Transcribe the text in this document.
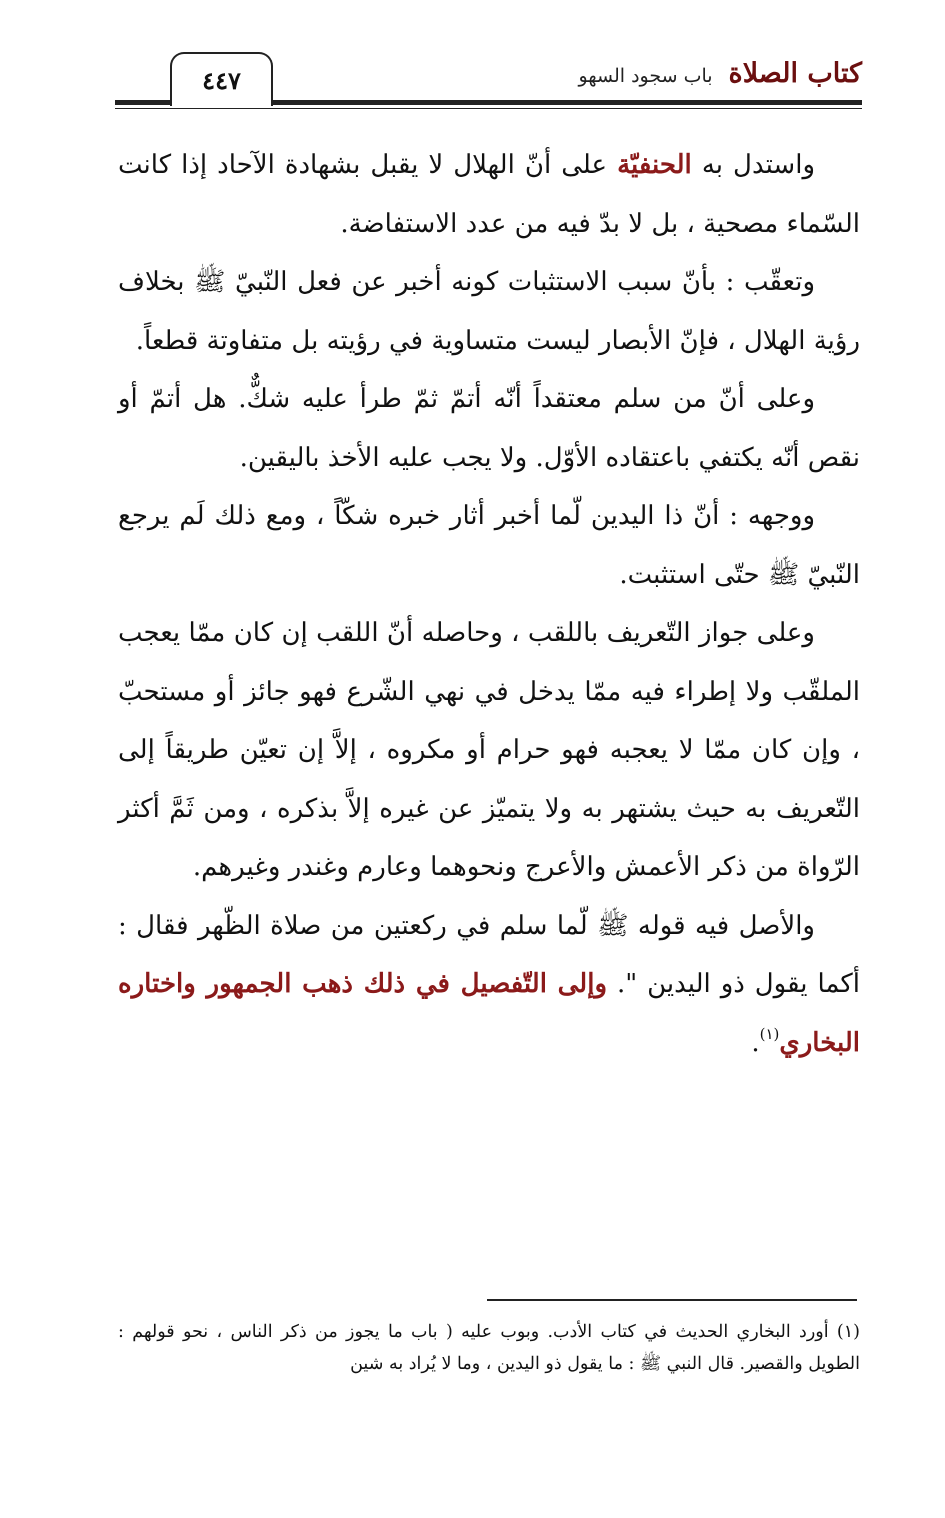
٤٤٧	كتاب الصلاة
باب سجود السهو

واستدل به الحنفيّة على أنّ الهلال لا يقبل بشهادة الآحاد إذا كانت السّماء مصحية ، بل لا بدّ فيه من عدد الاستفاضة.

وتعقّب : بأنّ سبب الاستثبات كونه أخبر عن فعل النّبيّ ﷺ بخلاف رؤية الهلال ، فإنّ الأبصار ليست متساوية في رؤيته بل متفاوتة قطعاً.

وعلى أنّ من سلم معتقداً أنّه أتمّ ثمّ طرأ عليه شكٌّ. هل أتمّ أو نقص أنّه يكتفي باعتقاده الأوّل. ولا يجب عليه الأخذ باليقين.

ووجهه : أنّ ذا اليدين لّما أخبر أثار خبره شكّاً ، ومع ذلك لَم يرجع النّبيّ ﷺ حتّى استثبت.

وعلى جواز التّعريف باللقب ، وحاصله أنّ اللقب إن كان ممّا يعجب الملقّب ولا إطراء فيه ممّا يدخل في نهي الشّرع فهو جائز أو مستحبّ ، وإن كان ممّا لا يعجبه فهو حرام أو مكروه ، إلاَّ إن تعيّن طريقاً إلى التّعريف به حيث يشتهر به ولا يتميّز عن غيره إلاَّ بذكره ، ومن ثَمَّ أكثر الرّواة من ذكر الأعمش والأعرج ونحوهما وعارم وغندر وغيرهم.

والأصل فيه قوله ﷺ لّما سلم في ركعتين من صلاة الظّهر فقال : أكما يقول ذو اليدين ". وإلى التّفصيل في ذلك ذهب الجمهور واختاره البخاري$^{(١)}$.

(١) أورد البخاري الحديث في كتاب الأدب. وبوب عليه ( باب ما يجوز من ذكر الناس ، نحو قولهم : الطويل والقصير. قال النبي ﷺ : ما يقول ذو اليدين ، وما لا يُراد به شين
